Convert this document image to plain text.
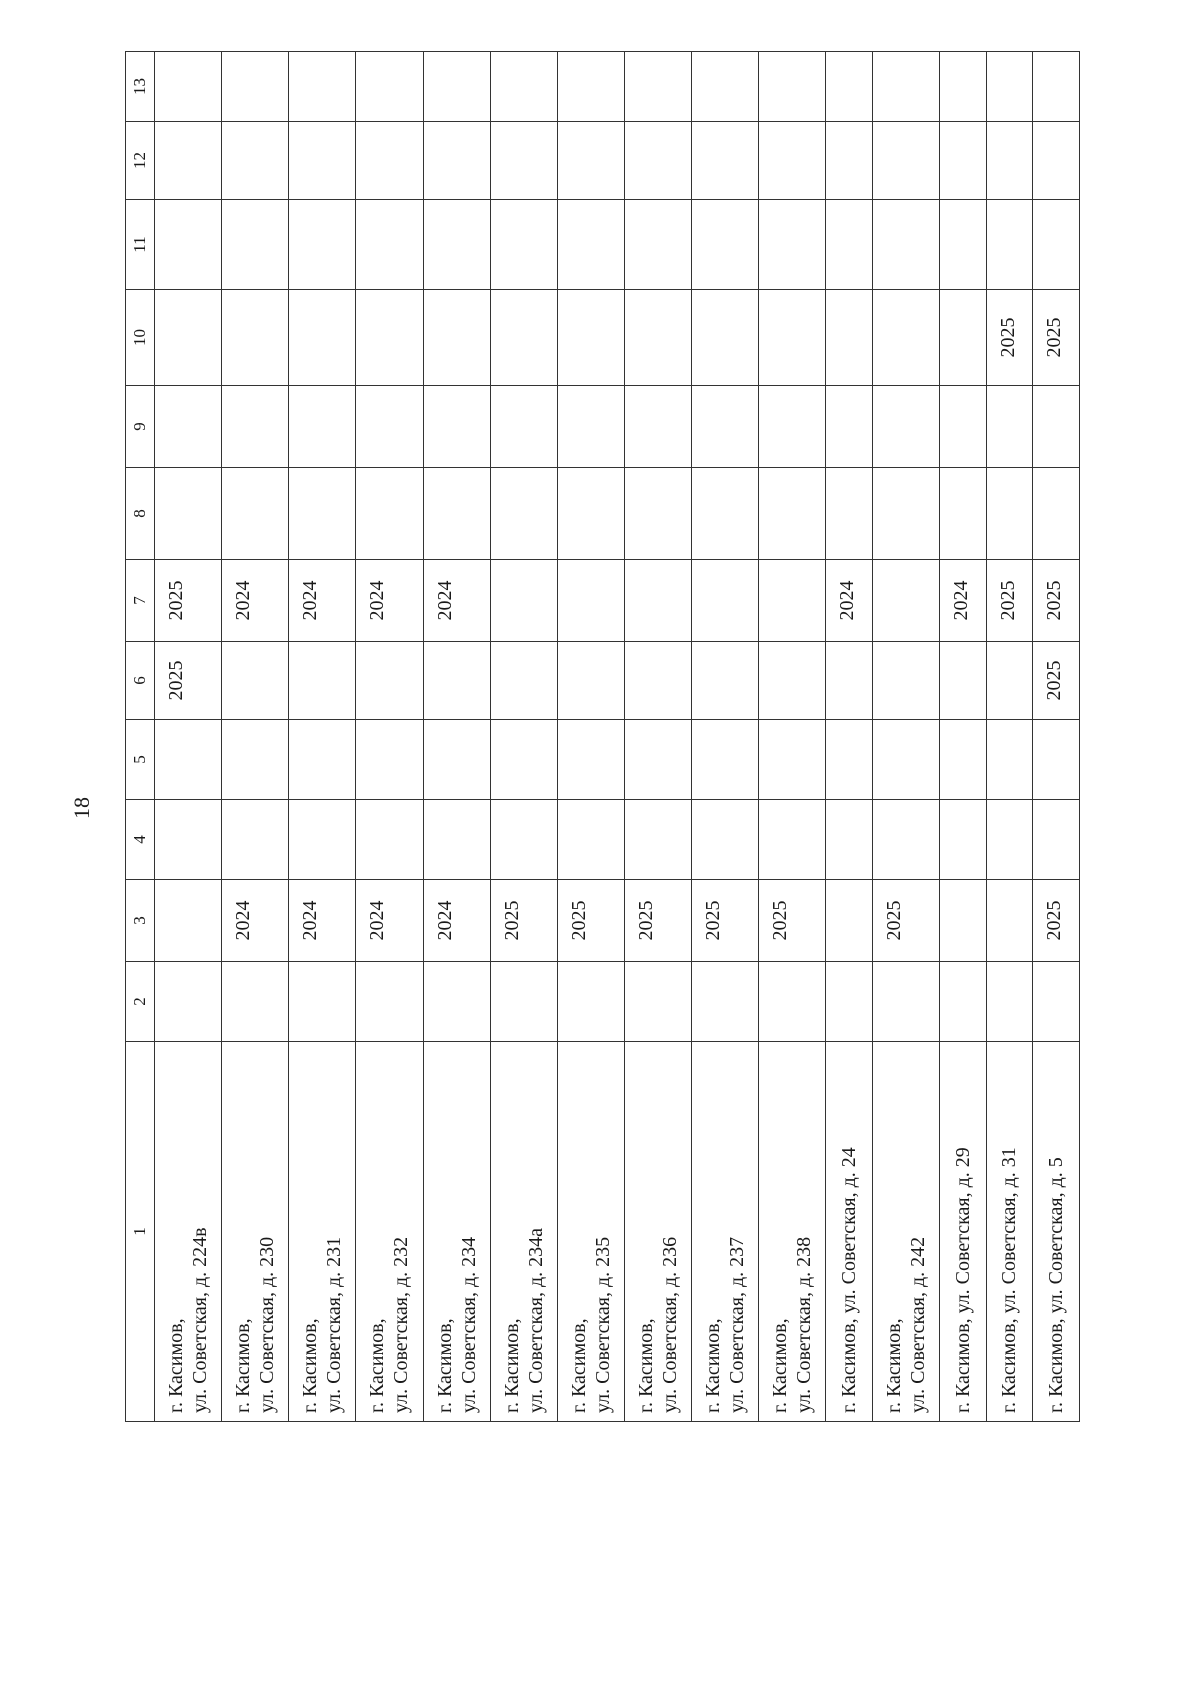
18
1	2	3	4	5	6	7	8	9	10	11	12	13
г. Касимов,
ул. Советская, д. 224в					2025	2025						
г. Касимов,
ул. Советская, д. 230		2024				2024						
г. Касимов,
ул. Советская, д. 231		2024				2024						
г. Касимов,
ул. Советская, д. 232		2024				2024						
г. Касимов,
ул. Советская, д. 234		2024				2024						
г. Касимов,
ул. Советская, д. 234а		2025										
г. Касимов,
ул. Советская, д. 235		2025										
г. Касимов,
ул. Советская, д. 236		2025										
г. Касимов,
ул. Советская, д. 237		2025										
г. Касимов,
ул. Советская, д. 238		2025										
г. Касимов, ул. Советская, д. 24						2024						
г. Касимов,
ул. Советская, д. 242		2025										
г. Касимов, ул. Советская, д. 29						2024						
г. Касимов, ул. Советская, д. 31						2025			2025			
г. Касимов, ул. Советская, д. 5		2025			2025	2025			2025			
